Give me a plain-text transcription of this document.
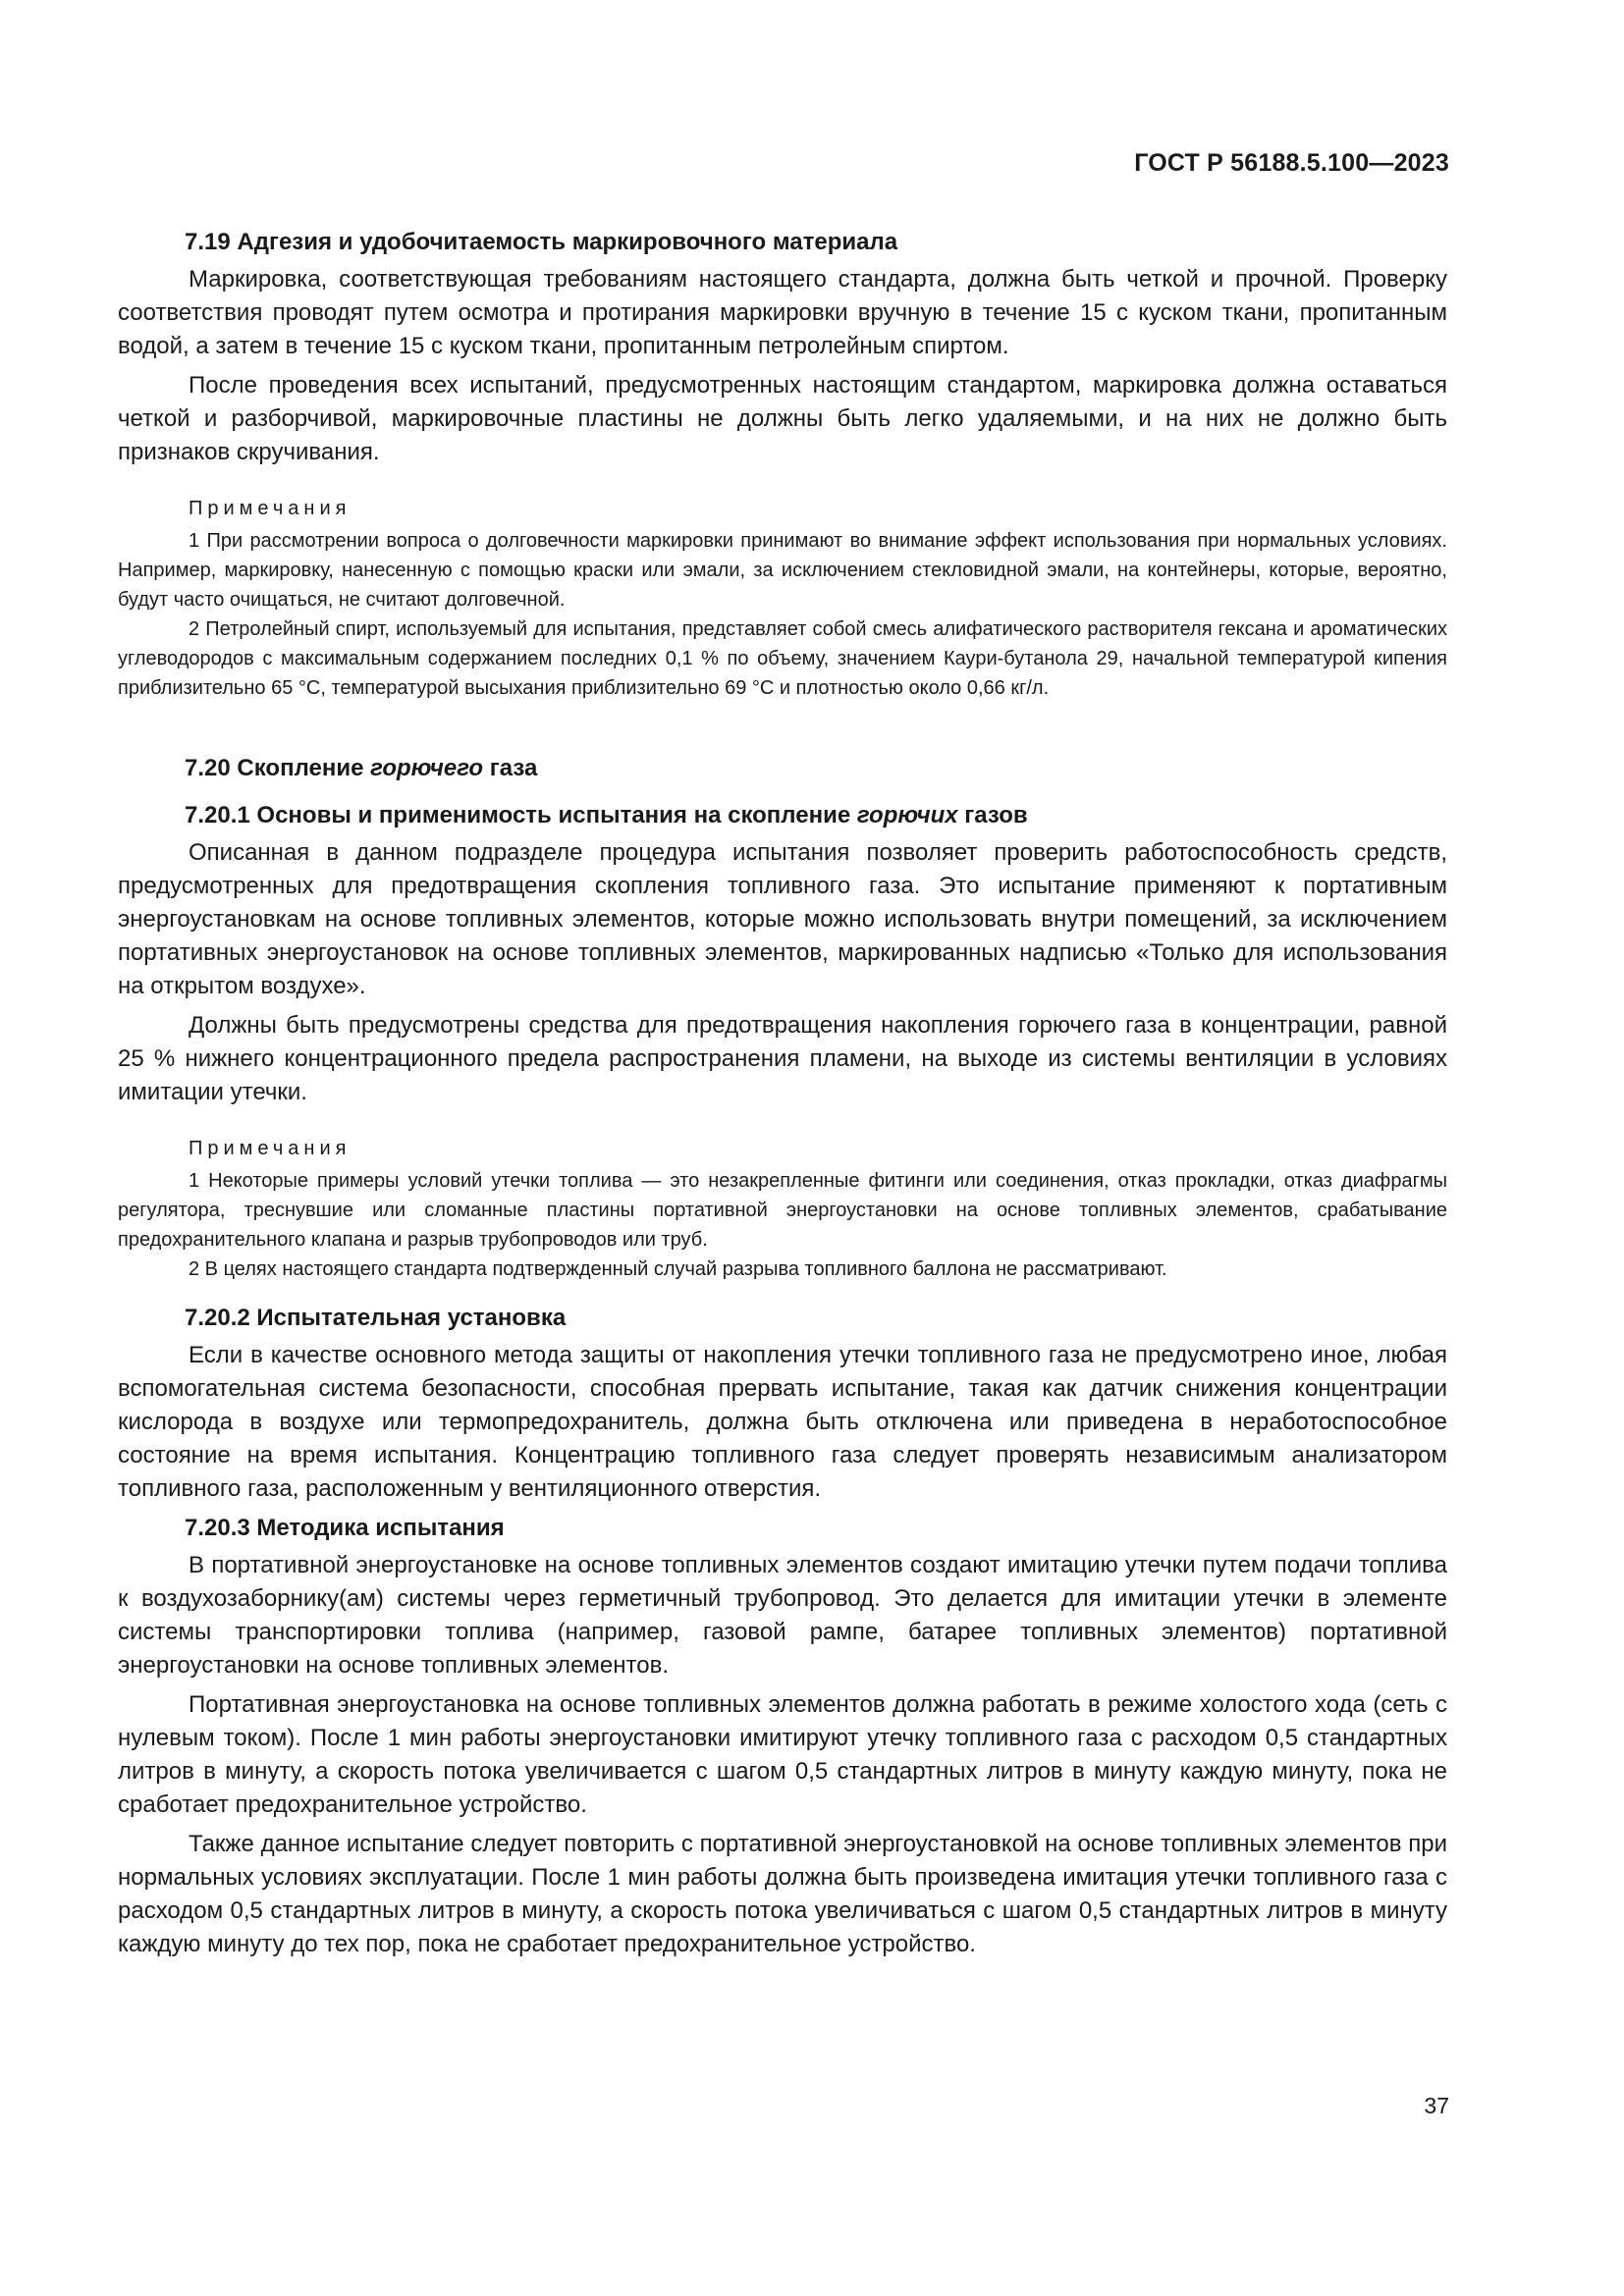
ГОСТ Р 56188.5.100—2023
7.19 Адгезия и удобочитаемость маркировочного материала

Маркировка, соответствующая требованиям настоящего стандарта, должна быть четкой и прочной. Проверку соответствия проводят путем осмотра и протирания маркировки вручную в течение 15 с куском ткани, пропитанным водой, а затем в течение 15 с куском ткани, пропитанным петролейным спиртом.

После проведения всех испытаний, предусмотренных настоящим стандартом, маркировка должна оставаться четкой и разборчивой, маркировочные пластины не должны быть легко удаляемыми, и на них не должно быть признаков скручивания.

Примечания

1 При рассмотрении вопроса о долговечности маркировки принимают во внимание эффект использования при нормальных условиях. Например, маркировку, нанесенную с помощью краски или эмали, за исключением стекловидной эмали, на контейнеры, которые, вероятно, будут часто очищаться, не считают долговечной.

2 Петролейный спирт, используемый для испытания, представляет собой смесь алифатического растворителя гексана и ароматических углеводородов с максимальным содержанием последних 0,1 % по объему, значением Каури-бутанола 29, начальной температурой кипения приблизительно 65 °С, температурой высыхания приблизительно 69 °С и плотностью около 0,66 кг/л.

7.20 Скопление горючего газа
7.20.1 Основы и применимость испытания на скопление горючих газов

Описанная в данном подразделе процедура испытания позволяет проверить работоспособность средств, предусмотренных для предотвращения скопления топливного газа. Это испытание применяют к портативным энергоустановкам на основе топливных элементов, которые можно использовать внутри помещений, за исключением портативных энергоустановок на основе топливных элементов, маркированных надписью «Только для использования на открытом воздухе».

Должны быть предусмотрены средства для предотвращения накопления горючего газа в концентрации, равной 25 % нижнего концентрационного предела распространения пламени, на выходе из системы вентиляции в условиях имитации утечки.

Примечания

1 Некоторые примеры условий утечки топлива — это незакрепленные фитинги или соединения, отказ прокладки, отказ диафрагмы регулятора, треснувшие или сломанные пластины портативной энергоустановки на основе топливных элементов, срабатывание предохранительного клапана и разрыв трубопроводов или труб.

2 В целях настоящего стандарта подтвержденный случай разрыва топливного баллона не рассматривают.

7.20.2 Испытательная установка

Если в качестве основного метода защиты от накопления утечки топливного газа не предусмотрено иное, любая вспомогательная система безопасности, способная прервать испытание, такая как датчик снижения концентрации кислорода в воздухе или термопредохранитель, должна быть отключена или приведена в неработоспособное состояние на время испытания. Концентрацию топливного газа следует проверять независимым анализатором топливного газа, расположенным у вентиляционного отверстия.

7.20.3 Методика испытания

В портативной энергоустановке на основе топливных элементов создают имитацию утечки путем подачи топлива к воздухозаборнику(ам) системы через герметичный трубопровод. Это делается для имитации утечки в элементе системы транспортировки топлива (например, газовой рампе, батарее топливных элементов) портативной энергоустановки на основе топливных элементов.

Портативная энергоустановка на основе топливных элементов должна работать в режиме холостого хода (сеть с нулевым током). После 1 мин работы энергоустановки имитируют утечку топливного газа с расходом 0,5 стандартных литров в минуту, а скорость потока увеличивается с шагом 0,5 стандартных литров в минуту каждую минуту, пока не сработает предохранительное устройство.

Также данное испытание следует повторить с портативной энергоустановкой на основе топливных элементов при нормальных условиях эксплуатации. После 1 мин работы должна быть произведена имитация утечки топливного газа с расходом 0,5 стандартных литров в минуту, а скорость потока увеличиваться с шагом 0,5 стандартных литров в минуту каждую минуту до тех пор, пока не сработает предохранительное устройство.

37
